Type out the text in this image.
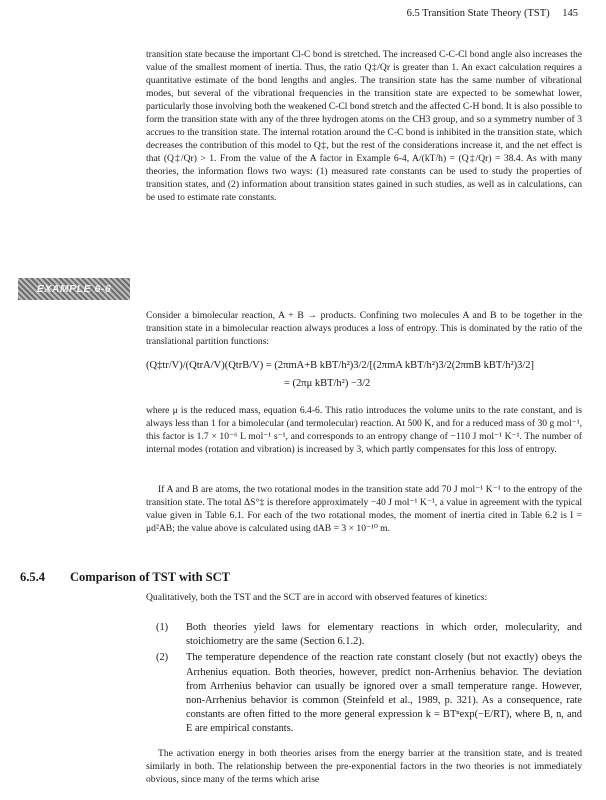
6.5 Transition State Theory (TST) 145

transition state because the important Cl-C bond is stretched. The increased C-C-Cl bond angle also increases the value of the smallest moment of inertia. Thus, the ratio Q‡/Qr is greater than 1. An exact calculation requires a quantitative estimate of the bond lengths and angles. The transition state has the same number of vibrational modes, but several of the vibrational frequencies in the transition state are expected to be somewhat lower, particularly those involving both the weakened C-Cl bond stretch and the affected C-H bond. It is also possible to form the transition state with any of the three hydrogen atoms on the CH3 group, and so a symmetry number of 3 accrues to the transition state. The internal rotation around the C-C bond is inhibited in the transition state, which decreases the contribution of this model to Q‡, but the rest of the considerations increase it, and the net effect is that (Q‡/Qr) > 1. From the value of the A factor in Example 6-4, A/(kT/h) = (Q‡/Qr) = 38.4. As with many theories, the information flows two ways: (1) measured rate constants can be used to study the properties of transition states, and (2) information about transition states gained in such studies, as well as in calculations, can be used to estimate rate constants.

EXAMPLE 6-6

Consider a bimolecular reaction, A + B → products. Confining two molecules A and B to be together in the transition state in a bimolecular reaction always produces a loss of entropy. This is dominated by the ratio of the translational partition functions:

(Q‡tr/V)/(QtrA/V)(QtrB/V) = (2πmA+B kBT/h²)3/2/[(2πmA kBT/h²)3/2(2πmB kBT/h²)3/2]
= (2πμ kBT/h²) −3/2

where μ is the reduced mass, equation 6.4-6. This ratio introduces the volume units to the rate constant, and is always less than 1 for a bimolecular (and termolecular) reaction. At 500 K, and for a reduced mass of 30 g mol⁻¹, this factor is 1.7 × 10⁻⁶ L mol⁻¹ s⁻¹, and corresponds to an entropy change of −110 J mol⁻¹ K⁻¹. The number of internal modes (rotation and vibration) is increased by 3, which partly compensates for this loss of entropy.

If A and B are atoms, the two rotational modes in the transition state add 70 J mol⁻¹ K⁻¹ to the entropy of the transition state. The total ΔS°‡ is therefore approximately −40 J mol⁻¹ K⁻¹, a value in agreement with the typical value given in Table 6.1. For each of the two rotational modes, the moment of inertia cited in Table 6.2 is I = μd²AB; the value above is calculated using dAB = 3 × 10⁻¹⁰ m.

6.5.4 Comparison of TST with SCT

Qualitatively, both the TST and the SCT are in accord with observed features of kinetics:

(1)	Both theories yield laws for elementary reactions in which order, molecularity, and stoichiometry are the same (Section 6.1.2).
(2)	The temperature dependence of the reaction rate constant closely (but not exactly) obeys the Arrhenius equation. Both theories, however, predict non-Arrhenius behavior. The deviation from Arrhenius behavior can usually be ignored over a small temperature range. However, non-Arrhenius behavior is common (Steinfeld et al., 1989, p. 321). As a consequence, rate constants are often fitted to the more general expression k = BTⁿexp(−E/RT), where B, n, and E are empirical constants.

The activation energy in both theories arises from the energy barrier at the transition state, and is treated similarly in both. The relationship between the pre-exponential factors in the two theories is not immediately obvious, since many of the terms which arise
